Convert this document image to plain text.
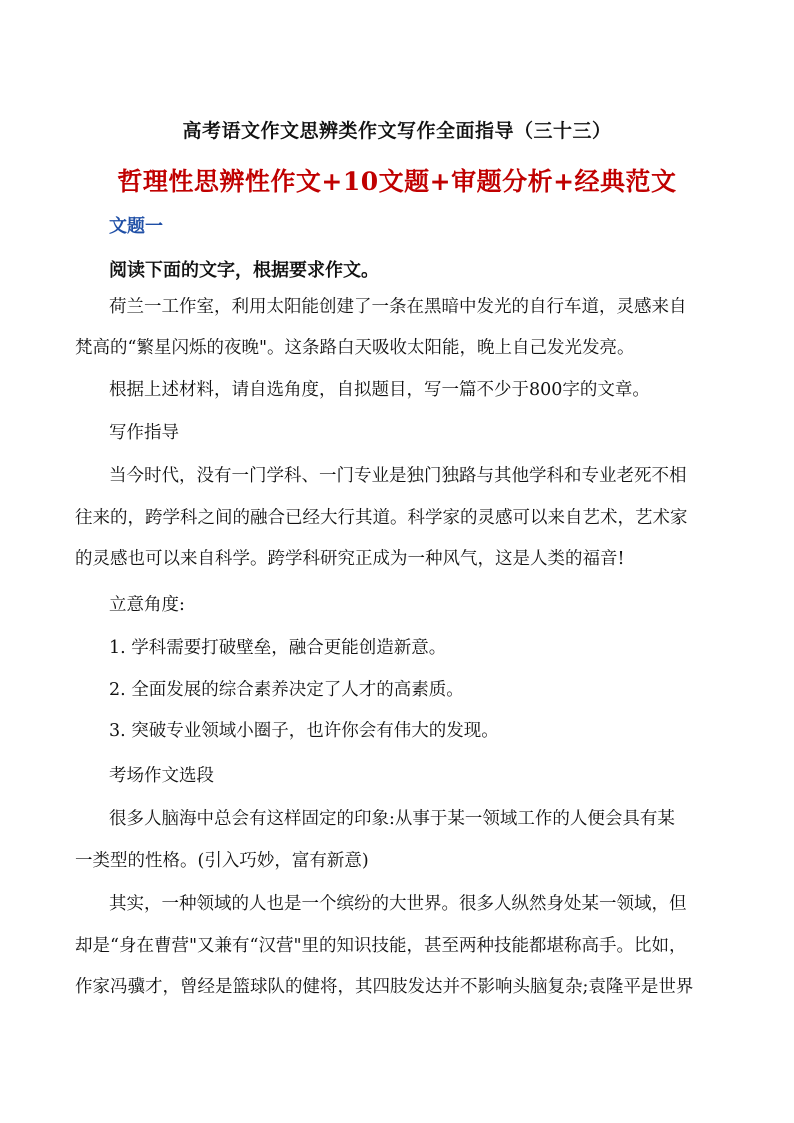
高考语文作文思辨类作文写作全面指导（三十三）
哲理性思辨性作文+10文题+审题分析+经典范文
文题一
阅读下面的文字，根据要求作文。
荷兰一工作室，利用太阳能创建了一条在黑暗中发光的自行车道，灵感来自
梵高的“繁星闪烁的夜晚"。这条路白天吸收太阳能，晚上自己发光发亮。
根据上述材料，请自选角度，自拟题目，写一篇不少于800字的文章。
写作指导
当今时代，没有一门学科、一门专业是独门独路与其他学科和专业老死不相
往来的，跨学科之间的融合已经大行其道。科学家的灵感可以来自艺术，艺术家
的灵感也可以来自科学。跨学科研究正成为一种风气，这是人类的福音!
立意角度:
1. 学科需要打破壁垒，融合更能创造新意。
2. 全面发展的综合素养决定了人才的高素质。
3. 突破专业领域小圈子，也许你会有伟大的发现。
考场作文选段
很多人脑海中总会有这样固定的印象:从事于某一领域工作的人便会具有某
一类型的性格。(引入巧妙，富有新意)
其实，一种领域的人也是一个缤纷的大世界。很多人纵然身处某一领域，但
却是“身在曹营"又兼有“汉营"里的知识技能，甚至两种技能都堪称高手。比如，
作家冯骥才，曾经是篮球队的健将，其四肢发达并不影响头脑复杂;袁隆平是世界
